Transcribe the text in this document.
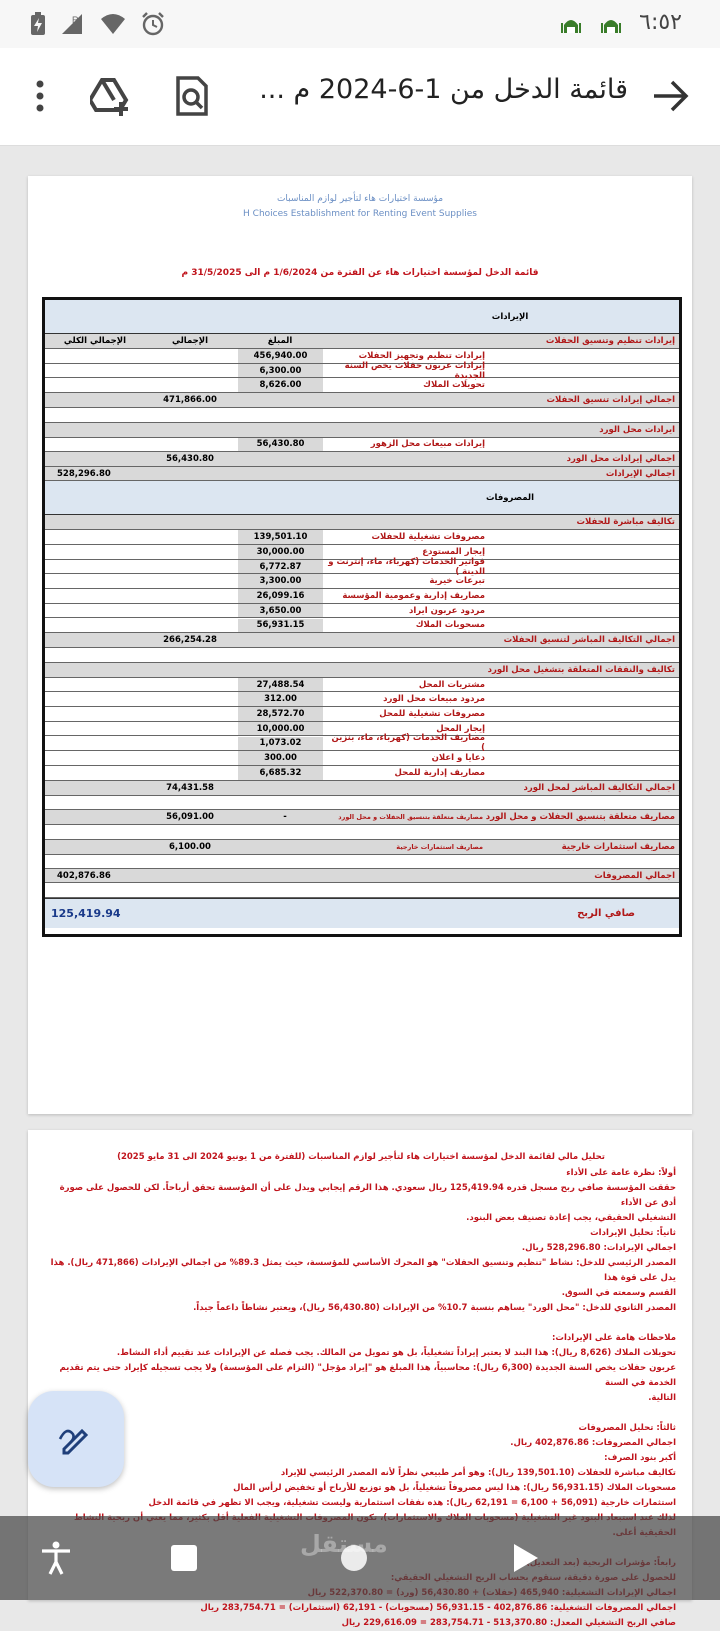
R	٦:٥٢
قائمة الدخل من 1-6-2024 م ...
مؤسسة اختيارات هاء لتأجير لوازم المناسبات
H Choices Establishment for Renting Event Supplies
قائمة الدخل لمؤسسة اختيارات هاء عن الفترة من 1/6/2024 م الى 31/5/2025 م
الإيرادات
إيرادات تنظيم وتنسيق الحفلات
المبلغ
الإجمالي
الإجمالي الكلي
إيرادات تنظيم وتجهيز الحفلات
456,940.00
إيرادات عربون حفلات يخص السنة الجديدة
6,300.00
تحويلات الملاك
8,626.00
اجمالي إيرادات تنسيق الحفلات
471,866.00
ايرادات محل الورد
إيرادات مبيعات محل الزهور
56,430.80
اجمالي إيرادات محل الورد
56,430.80
اجمالي الإيرادات
528,296.80
المصروفات
تكاليف مباشرة للحفلات
مصروفات تشغيلية للحفلات
139,501.10
إيجار المستودع
30,000.00
فواتير الخدمات (كهرباء، ماء، إنترنت و الدينة )
6,772.87
تبرعات خيرية
3,300.00
مصاريف إدارية وعمومية المؤسسة
26,099.16
مردود عربون ايراد
3,650.00
مسحوبات الملاك
56,931.15
اجمالي التكاليف المباشر لتنسيق الحفلات
266,254.28
تكاليف والنفقات المتعلقة بتشغيل محل الورد
مشتريات المحل
27,488.54
مردود مبيعات محل الورد
312.00
مصروفات تشغيلية للمحل
28,572.70
إيجار المحل
10,000.00
مصاريف الخدمات (كهرباء، ماء، بنزين )
1,073.02
دعايا و اعلان
300.00
مصاريف إدارية للمحل
6,685.32
اجمالي التكاليف المباشر لمحل الورد
74,431.58
مصاريف متعلقة بتنسيق الحفلات و محل الورد
مصاريف متعلقة بتنسيق الحفلات و محل الورد
-
56,091.00
مصاريف استثمارات خارجية
مصاريف استثمارات خارجية
6,100.00
اجمالي المصروفات
402,876.86
صافي الربح
125,419.94

تحليل مالي لقائمة الدخل لمؤسسة اختيارات هاء لتأجير لوازم المناسبات (للفترة من 1 يونيو 2024 الى 31 مايو 2025)

أولاً: نظرة عامة على الأداء

حققت المؤسسة صافي ربح مسجل قدره 125,419.94 ريال سعودي. هذا الرقم إيجابي ويدل على أن المؤسسة تحقق أرباحاً. لكن للحصول على صورة أدق عن الأداء

التشغيلي الحقيقي، يجب إعادة تصنيف بعض البنود.

ثانياً: تحليل الإيرادات

اجمالي الإيرادات: 528,296.80 ريال.

المصدر الرئيسي للدخل: نشاط "تنظيم وتنسيق الحفلات" هو المحرك الأساسي للمؤسسة، حيث يمثل 89.3% من اجمالي الإيرادات (471,866 ريال). هذا يدل على قوة هذا

القسم وسمعته في السوق.

المصدر الثانوي للدخل: "محل الورد" يساهم بنسبة 10.7% من الإيرادات (56,430.80 ريال)، ويعتبر نشاطاً داعماً جيداً.

ملاحظات هامة على الإيرادات:

تحويلات الملاك (8,626 ريال): هذا البند لا يعتبر إيراداً تشغيلياً، بل هو تمويل من المالك. يجب فصله عن الإيرادات عند تقييم أداء النشاط.

عربون حفلات يخص السنة الجديدة (6,300 ريال): محاسبياً، هذا المبلغ هو "إيراد مؤجل" (التزام على المؤسسة) ولا يجب تسجيله كإيراد حتى يتم تقديم الخدمة في السنة

التالية.

ثالثاً: تحليل المصروفات

اجمالي المصروفات: 402,876.86 ريال.

أكبر بنود الصرف:

تكاليف مباشرة للحفلات (139,501.10 ريال): وهو أمر طبيعي نظراً لأنه المصدر الرئيسي للإيراد

مسحوبات الملاك (56,931.15 ريال): هذا ليس مصروفاً تشغيلياً، بل هو توزيع للأرباح أو تخفيض لرأس المال

استثمارات خارجية (56,091 + 6,100 = 62,191 ريال): هذه نفقات استثمارية وليست تشغيلية، ويجب الا تظهر في قائمة الدخل

اجمالي المصروفات التشغيلية: 402,876.86 - 56,931.15 (مسحوبات) - 62,191 (استثمارات) = 283,754.71 ريال

صافي الربح التشغيلي المعدل: 513,370.80 - 283,754.71 = 229,616.09 ريال

مستقل
